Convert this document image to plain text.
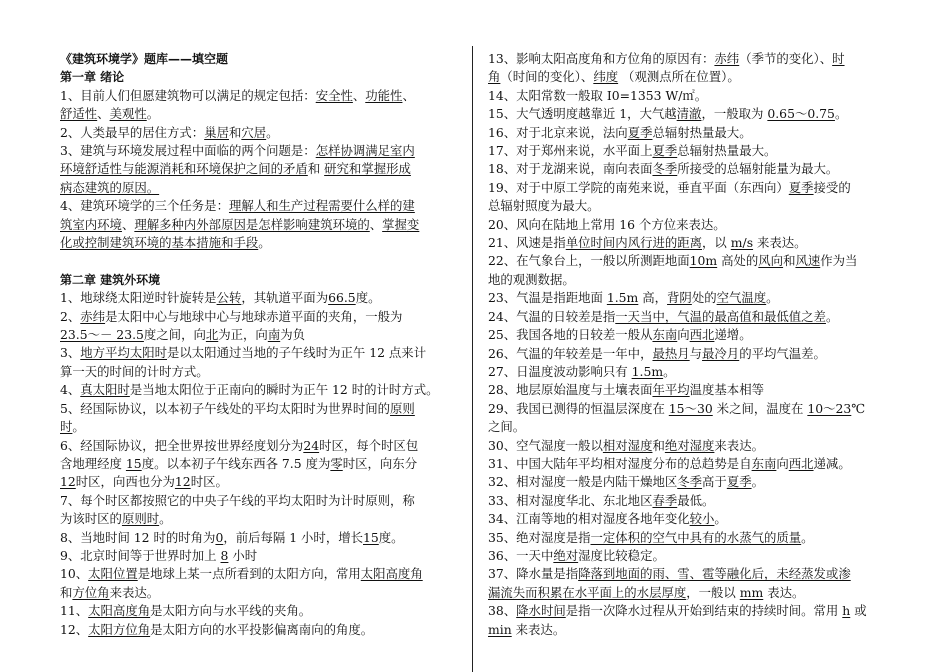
《建筑环境学》题库——填空题
第一章 绪论
1、目前人们但愿建筑物可以满足的规定包括：安全性、功能性、
舒适性、美观性。
2、人类最早的居住方式：巢居和穴居。
3、建筑与环境发展过程中面临的两个问题是：怎样协调满足室内
环境舒适性与能源消耗和环境保护之间的矛盾和 研究和掌握形成
病态建筑的原因。
4、建筑环境学的三个任务是：理解人和生产过程需要什么样的建
筑室内环境、理解多种内外部原因是怎样影响建筑环境的、掌握变
化或控制建筑环境的基本措施和手段。
第二章 建筑外环境
1、地球绕太阳逆时针旋转是公转，其轨道平面为66.5度。
2、赤纬是太阳中心与地球中心与地球赤道平面的夹角，一般为
23.5～－ 23.5度之间，向北为正，向南为负
3、地方平均太阳时是以太阳通过当地的子午线时为正午 12 点来计
算一天的时间的计时方式。
4、真太阳时是当地太阳位于正南向的瞬时为正午 12 时的计时方式。
5、经国际协议，以本初子午线处的平均太阳时为世界时间的原则
时。
6、经国际协议，把全世界按世界经度划分为24时区，每个时区包
含地理经度 15度。以本初子午线东西各 7.5 度为零时区，向东分
12时区，向西也分为12时区。
7、每个时区都按照它的中央子午线的平均太阳时为计时原则，称
为该时区的原则时。
8、当地时间 12 时的时角为0，前后每隔 1 小时，增长15度。
9、北京时间等于世界时加上 8 小时
10、太阳位置是地球上某一点所看到的太阳方向，常用太阳高度角
和方位角来表达。
11、太阳高度角是太阳方向与水平线的夹角。
12、太阳方位角是太阳方向的水平投影偏离南向的角度。
13、影响太阳高度角和方位角的原因有：赤纬（季节的变化）、时
角（时间的变化）、纬度 （观测点所在位置）。
14、太阳常数一般取 I0=1353 W/㎡。
15、大气透明度越靠近 1，大气越清澈，一般取为 0.65～0.75。
16、对于北京来说，法向夏季总辐射热量最大。
17、对于郑州来说，水平面上夏季总辐射热量最大。
18、对于龙湖来说，南向表面冬季所接受的总辐射能量为最大。
19、对于中原工学院的南苑来说，垂直平面（东西向）夏季接受的
总辐射照度为最大。
20、风向在陆地上常用 16 个方位来表达。
21、风速是指单位时间内风行进的距离，以 m/s 来表达。
22、在气象台上，一般以所测距地面10m 高处的风向和风速作为当
地的观测数据。
23、气温是指距地面 1.5m 高，背阴处的空气温度。
24、气温的日较差是指一天当中，气温的最高值和最低值之差。
25、我国各地的日较差一般从东南向西北递增。
26、气温的年较差是一年中，最热月与最冷月的平均气温差。
27、日温度波动影响只有 1.5m。
28、地层原始温度与土壤表面年平均温度基本相等
29、我国已测得的恒温层深度在 15～30 米之间，温度在 10～23℃
之间。
30、空气湿度一般以相对湿度和绝对湿度来表达。
31、中国大陆年平均相对湿度分布的总趋势是自东南向西北递减。
32、相对湿度一般是内陆干燥地区冬季高于夏季。
33、相对湿度华北、东北地区春季最低。
34、江南等地的相对湿度各地年变化较小。
35、绝对湿度是指一定体积的空气中具有的水蒸气的质量。
36、一天中绝对湿度比较稳定。
37、降水量是指降落到地面的雨、雪、雹等融化后，未经蒸发或渗
漏流失而积累在水平面上的水层厚度，一般以 mm 表达。
38、降水时间是指一次降水过程从开始到结束的持续时间。常用 h 或
min 来表达。
